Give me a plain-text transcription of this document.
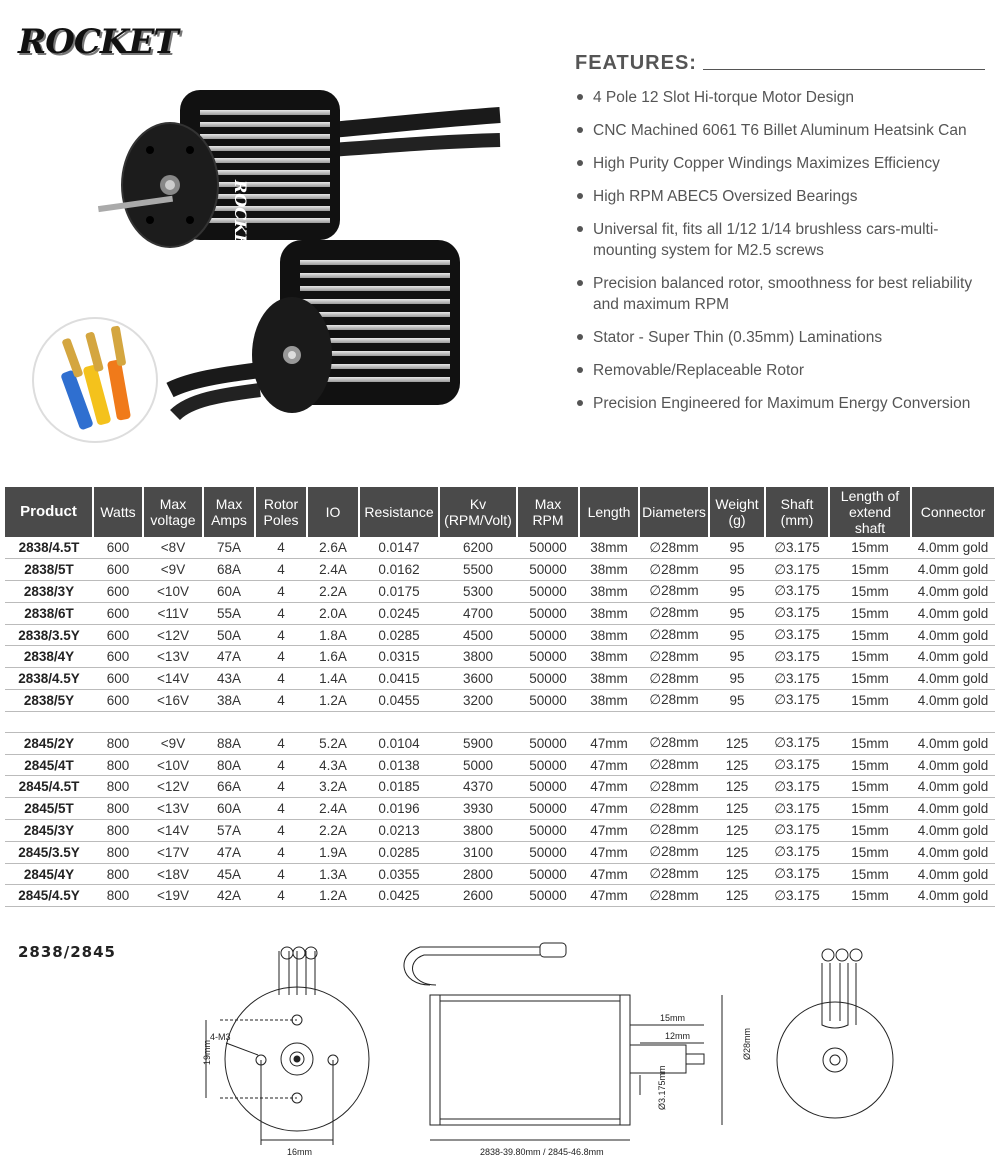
ROCKET
ROCKET
FEATURES:
4 Pole 12 Slot Hi-torque Motor Design
CNC Machined 6061 T6 Billet Aluminum Heatsink Can
High Purity Copper Windings Maximizes Efficiency
High RPM ABEC5 Oversized Bearings
Universal fit, fits all 1/12 1/14 brushless cars-multi-mounting system for M2.5 screws
Precision balanced rotor, smoothness for best reliability and maximum RPM
Stator - Super Thin (0.35mm) Laminations
Removable/Replaceable Rotor
Precision Engineered for Maximum Energy Conversion
Product	Watts	Max voltage	Max Amps	Rotor Poles	IO	Resistance	Kv (RPM/Volt)	Max RPM	Length	Diameters	Weight (g)	Shaft (mm)	Length of extend shaft	Connector
2838/4.5T	600	<8V	75A	4	2.6A	0.0147	6200	50000	38mm	∅28mm	95	∅3.175	15mm	4.0mm gold
2838/5T	600	<9V	68A	4	2.4A	0.0162	5500	50000	38mm	∅28mm	95	∅3.175	15mm	4.0mm gold
2838/3Y	600	<10V	60A	4	2.2A	0.0175	5300	50000	38mm	∅28mm	95	∅3.175	15mm	4.0mm gold
2838/6T	600	<11V	55A	4	2.0A	0.0245	4700	50000	38mm	∅28mm	95	∅3.175	15mm	4.0mm gold
2838/3.5Y	600	<12V	50A	4	1.8A	0.0285	4500	50000	38mm	∅28mm	95	∅3.175	15mm	4.0mm gold
2838/4Y	600	<13V	47A	4	1.6A	0.0315	3800	50000	38mm	∅28mm	95	∅3.175	15mm	4.0mm gold
2838/4.5Y	600	<14V	43A	4	1.4A	0.0415	3600	50000	38mm	∅28mm	95	∅3.175	15mm	4.0mm gold
2838/5Y	600	<16V	38A	4	1.2A	0.0455	3200	50000	38mm	∅28mm	95	∅3.175	15mm	4.0mm gold

2845/2Y	800	<9V	88A	4	5.2A	0.0104	5900	50000	47mm	∅28mm	125	∅3.175	15mm	4.0mm gold
2845/4T	800	<10V	80A	4	4.3A	0.0138	5000	50000	47mm	∅28mm	125	∅3.175	15mm	4.0mm gold
2845/4.5T	800	<12V	66A	4	3.2A	0.0185	4370	50000	47mm	∅28mm	125	∅3.175	15mm	4.0mm gold
2845/5T	800	<13V	60A	4	2.4A	0.0196	3930	50000	47mm	∅28mm	125	∅3.175	15mm	4.0mm gold
2845/3Y	800	<14V	57A	4	2.2A	0.0213	3800	50000	47mm	∅28mm	125	∅3.175	15mm	4.0mm gold
2845/3.5Y	800	<17V	47A	4	1.9A	0.0285	3100	50000	47mm	∅28mm	125	∅3.175	15mm	4.0mm gold
2845/4Y	800	<18V	45A	4	1.3A	0.0355	2800	50000	47mm	∅28mm	125	∅3.175	15mm	4.0mm gold
2845/4.5Y	800	<19V	42A	4	1.2A	0.0425	2600	50000	47mm	∅28mm	125	∅3.175	15mm	4.0mm gold
2838/2845
4-M3
19mm
16mm
15mm
12mm
Ø3.175mm
Ø28mm
2838-39.80mm / 2845-46.8mm
